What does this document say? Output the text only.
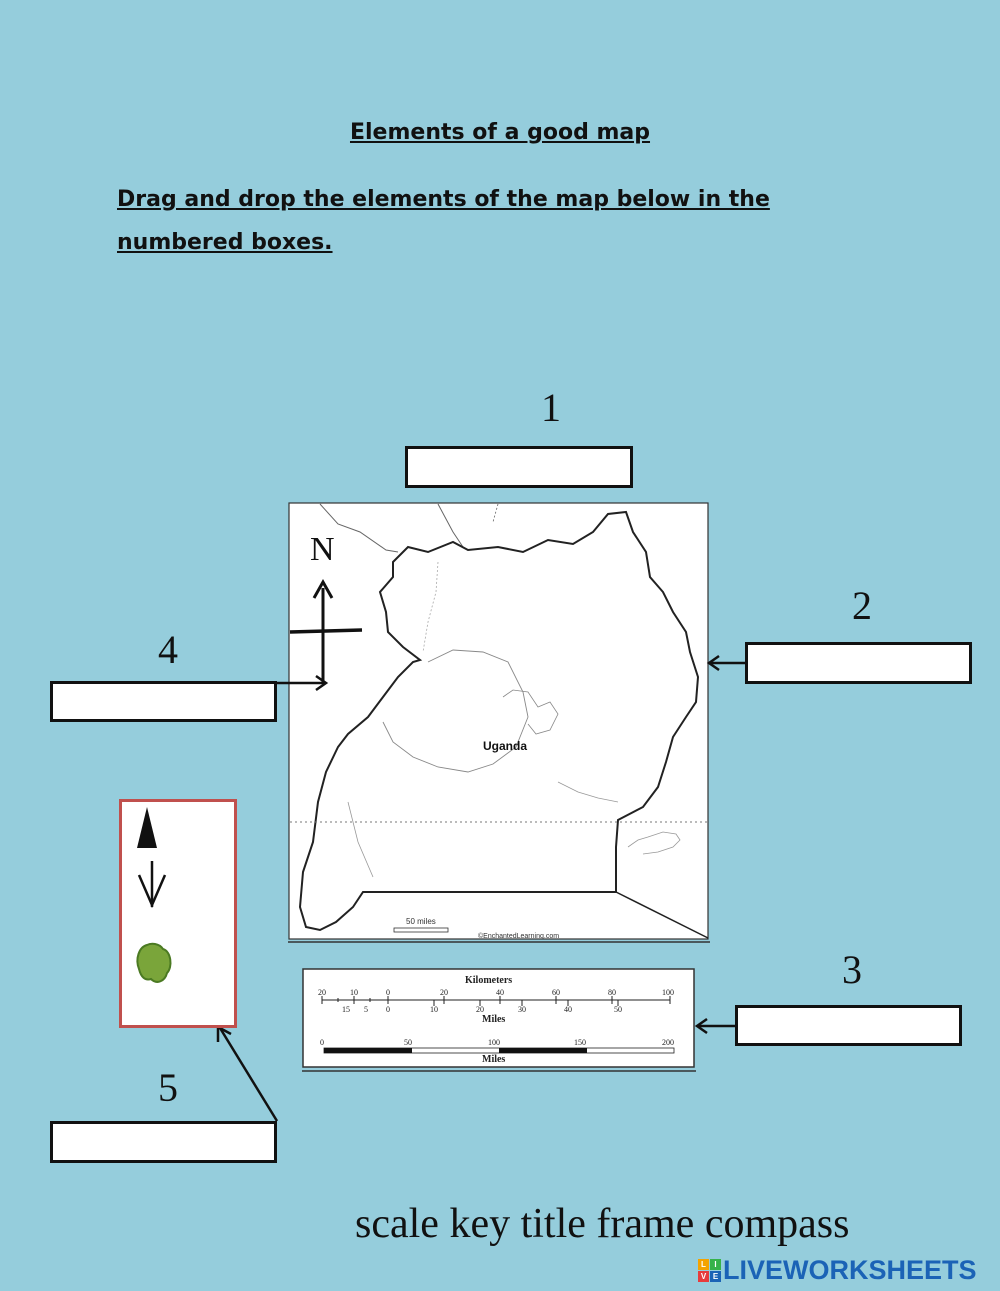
Elements of a good map
Drag and drop the elements of the map below in the
numbered boxes.
1
2
3
4
5
N
Uganda
50 miles
©EnchantedLearning.com
Kilometers
20	10	0	20	40	60	80	100
15 5 0	10	20	30	40	50
Miles
0	50	100	150	200
Miles
scale key title frame compass
L	I
V E LIVEWORKSHEETS
